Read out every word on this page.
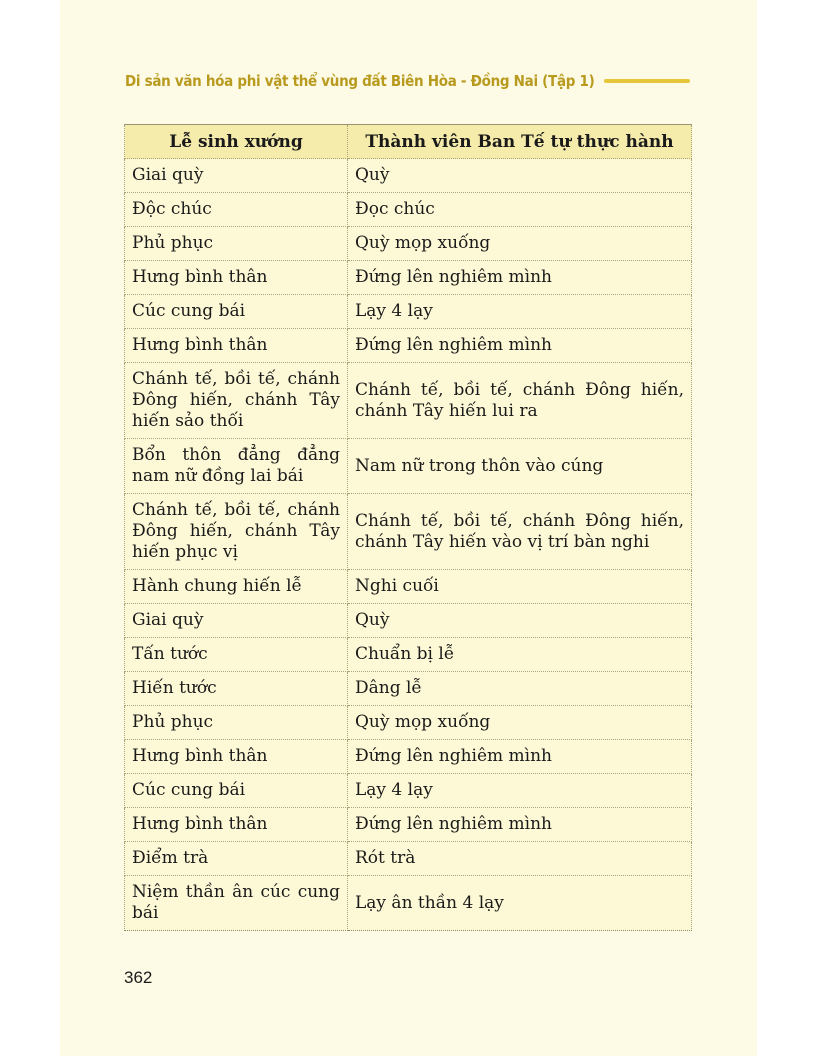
Di sản văn hóa phi vật thể vùng đất Biên Hòa - Đồng Nai (Tập 1)
Lễ sinh xướng	Thành viên Ban Tế tự thực hành
Giai quỳ	Quỳ
Độc chúc	Đọc chúc
Phủ phục	Quỳ mọp xuống
Hưng bình thân	Đứng lên nghiêm mình
Cúc cung bái	Lạy 4 lạy
Hưng bình thân	Đứng lên nghiêm mình
Chánh tế, bồi tế, chánh Đông hiến, chánh Tây hiến sảo thối	Chánh tế, bồi tế, chánh Đông hiến, chánh Tây hiến lui ra
Bổn thôn đẳng đẳng nam nữ đồng lai bái	Nam nữ trong thôn vào cúng
Chánh tế, bồi tế, chánh Đông hiến, chánh Tây hiến phục vị	Chánh tế, bồi tế, chánh Đông hiến, chánh Tây hiến vào vị trí bàn nghi
Hành chung hiến lễ	Nghi cuối
Giai quỳ	Quỳ
Tấn tước	Chuẩn bị lễ
Hiến tước	Dâng lễ
Phủ phục	Quỳ mọp xuống
Hưng bình thân	Đứng lên nghiêm mình
Cúc cung bái	Lạy 4 lạy
Hưng bình thân	Đứng lên nghiêm mình
Điểm trà	Rót trà
Niệm thần ân cúc cung bái	Lạy ân thần 4 lạy
362
